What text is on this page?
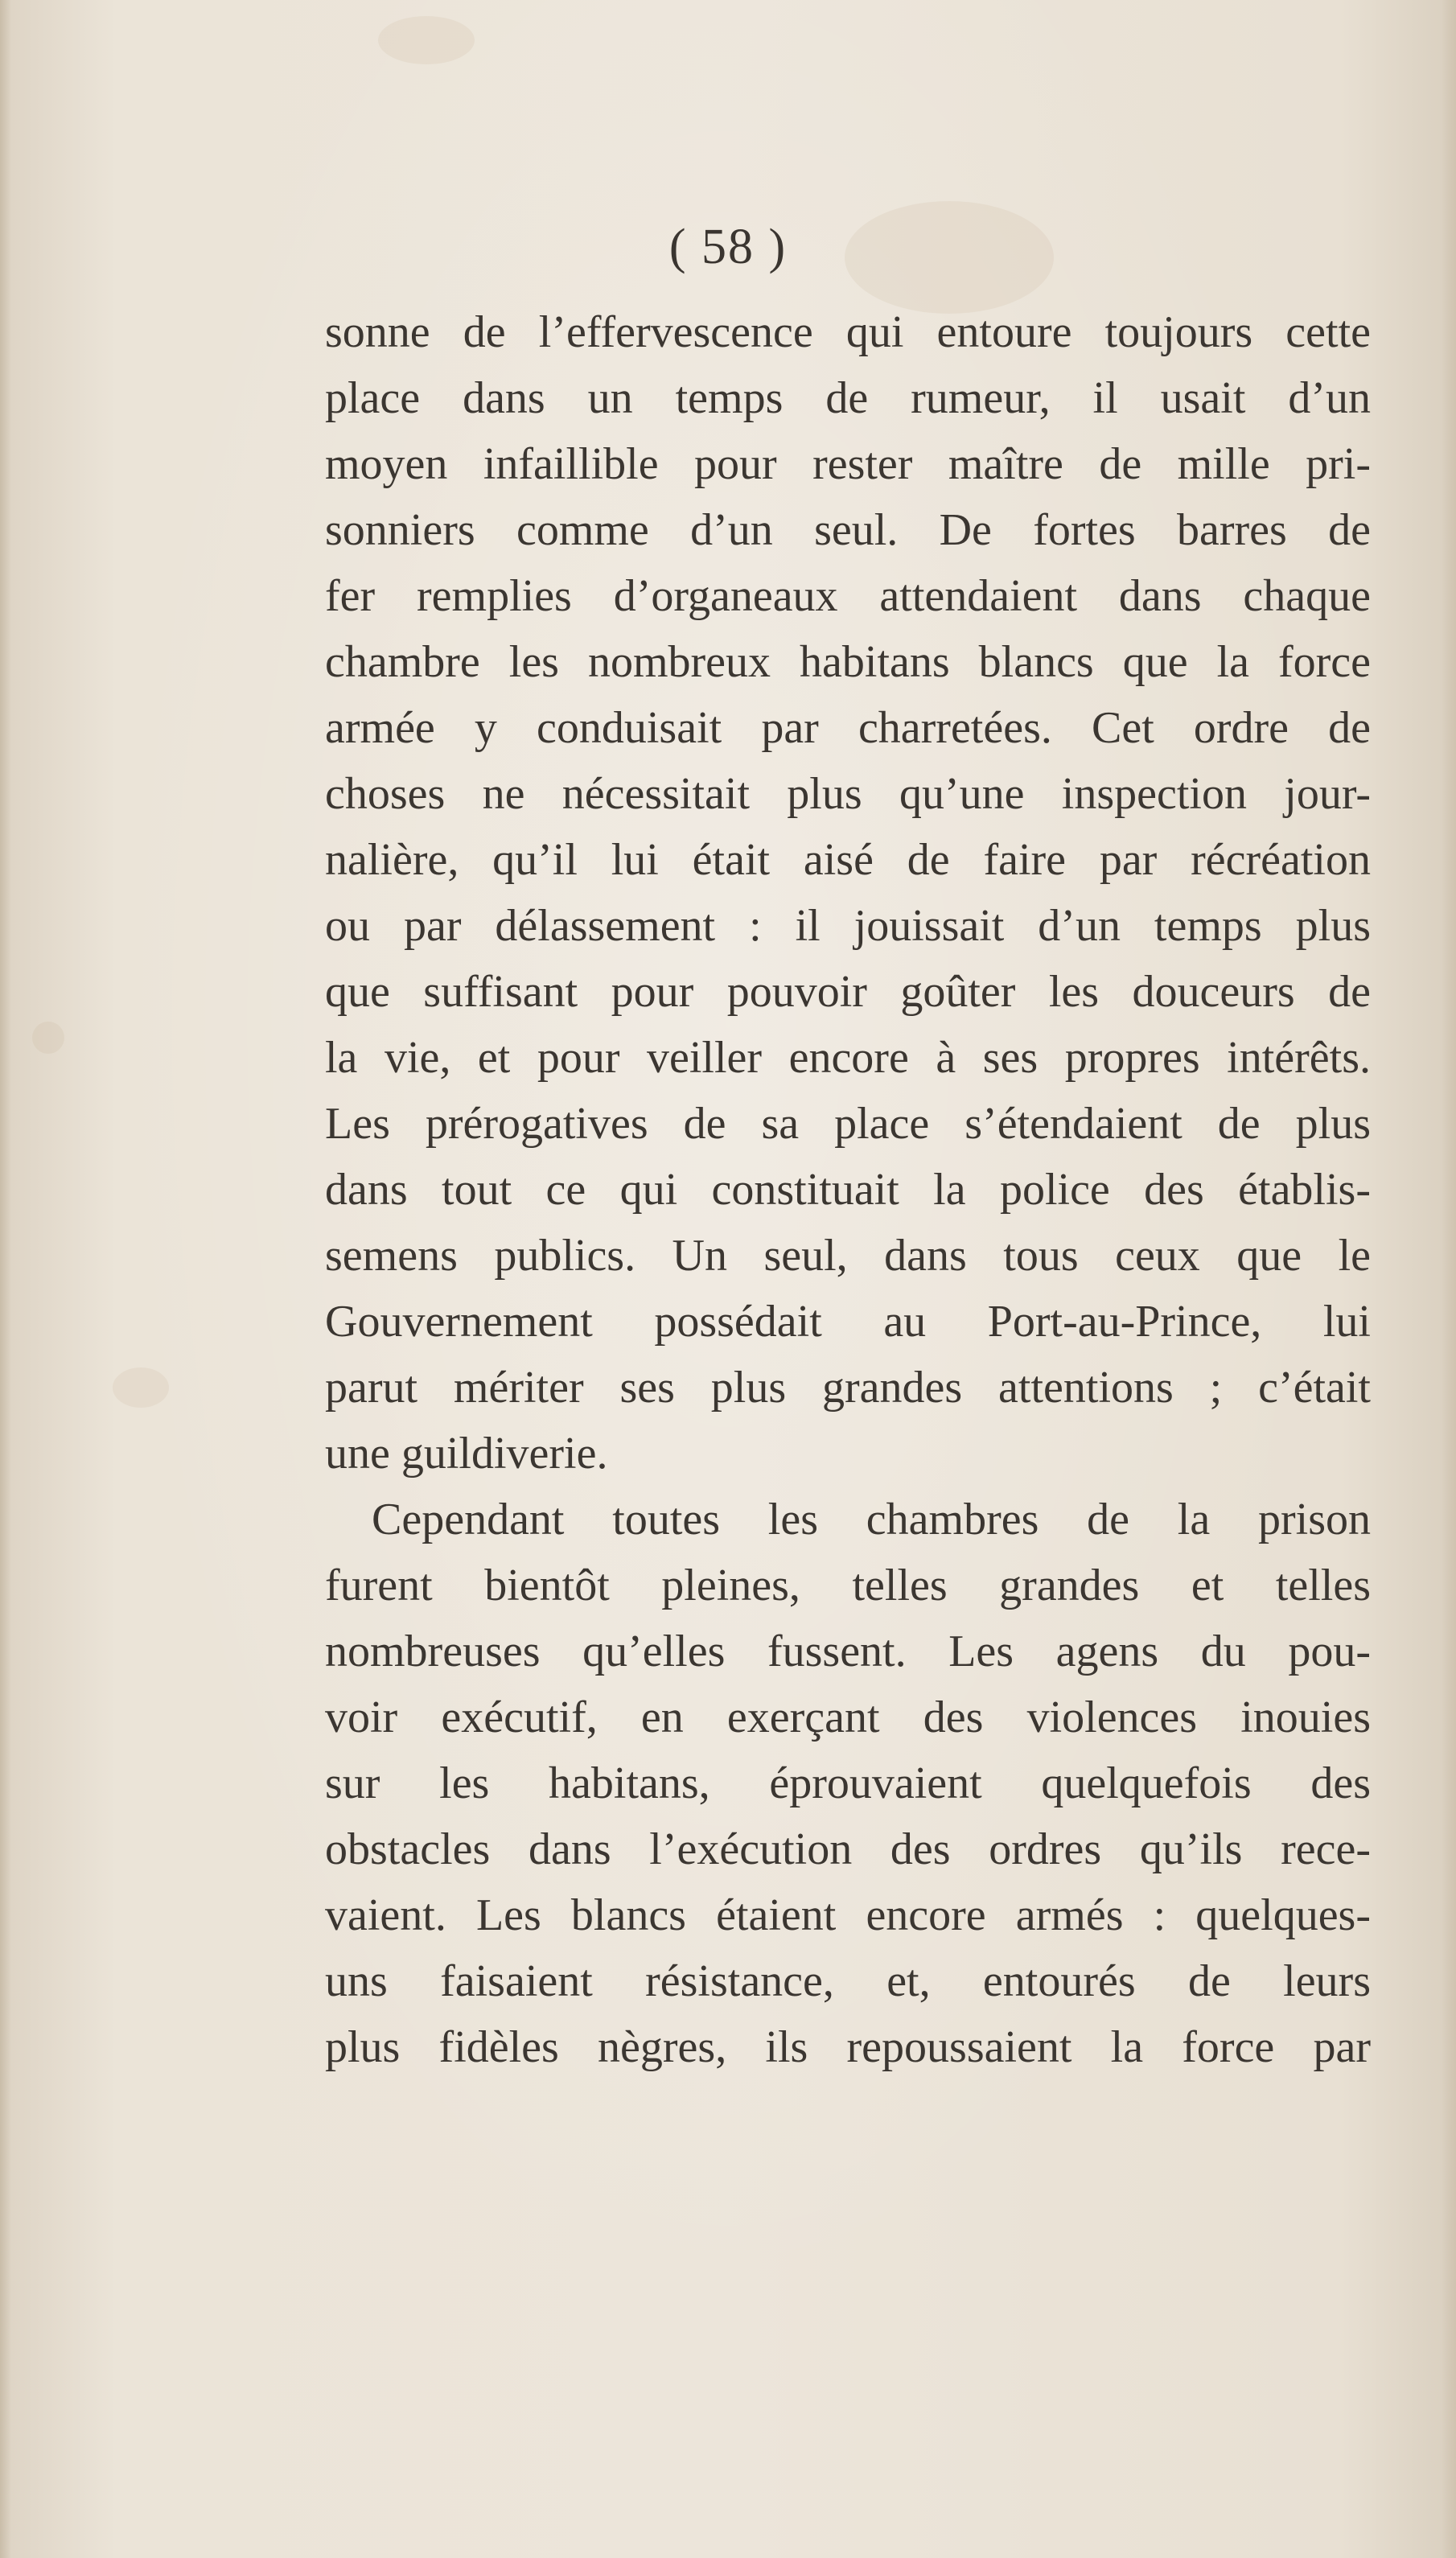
( 58 )
sonne de l’effervescence qui entoure toujours cette
place dans un temps de rumeur, il usait d’un
moyen infaillible pour rester maître de mille pri-
sonniers comme d’un seul. De fortes barres de
fer remplies d’organeaux attendaient dans chaque
chambre les nombreux habitans blancs que la force
armée y conduisait par charretées. Cet ordre de
choses ne nécessitait plus qu’une inspection jour-
nalière, qu’il lui était aisé de faire par récréation
ou par délassement : il jouissait d’un temps plus
que suffisant pour pouvoir goûter les douceurs de
la vie, et pour veiller encore à ses propres intérêts.
Les prérogatives de sa place s’étendaient de plus
dans tout ce qui constituait la police des établis-
semens publics. Un seul, dans tous ceux que le
Gouvernement possédait au Port-au-Prince, lui
parut mériter ses plus grandes attentions ; c’était
une guildiverie.
Cependant toutes les chambres de la prison
furent bientôt pleines, telles grandes et telles
nombreuses qu’elles fussent. Les agens du pou-
voir exécutif, en exerçant des violences inouies
sur les habitans, éprouvaient quelquefois des
obstacles dans l’exécution des ordres qu’ils rece-
vaient. Les blancs étaient encore armés : quelques-
uns faisaient résistance, et, entourés de leurs
plus fidèles nègres, ils repoussaient la force par
